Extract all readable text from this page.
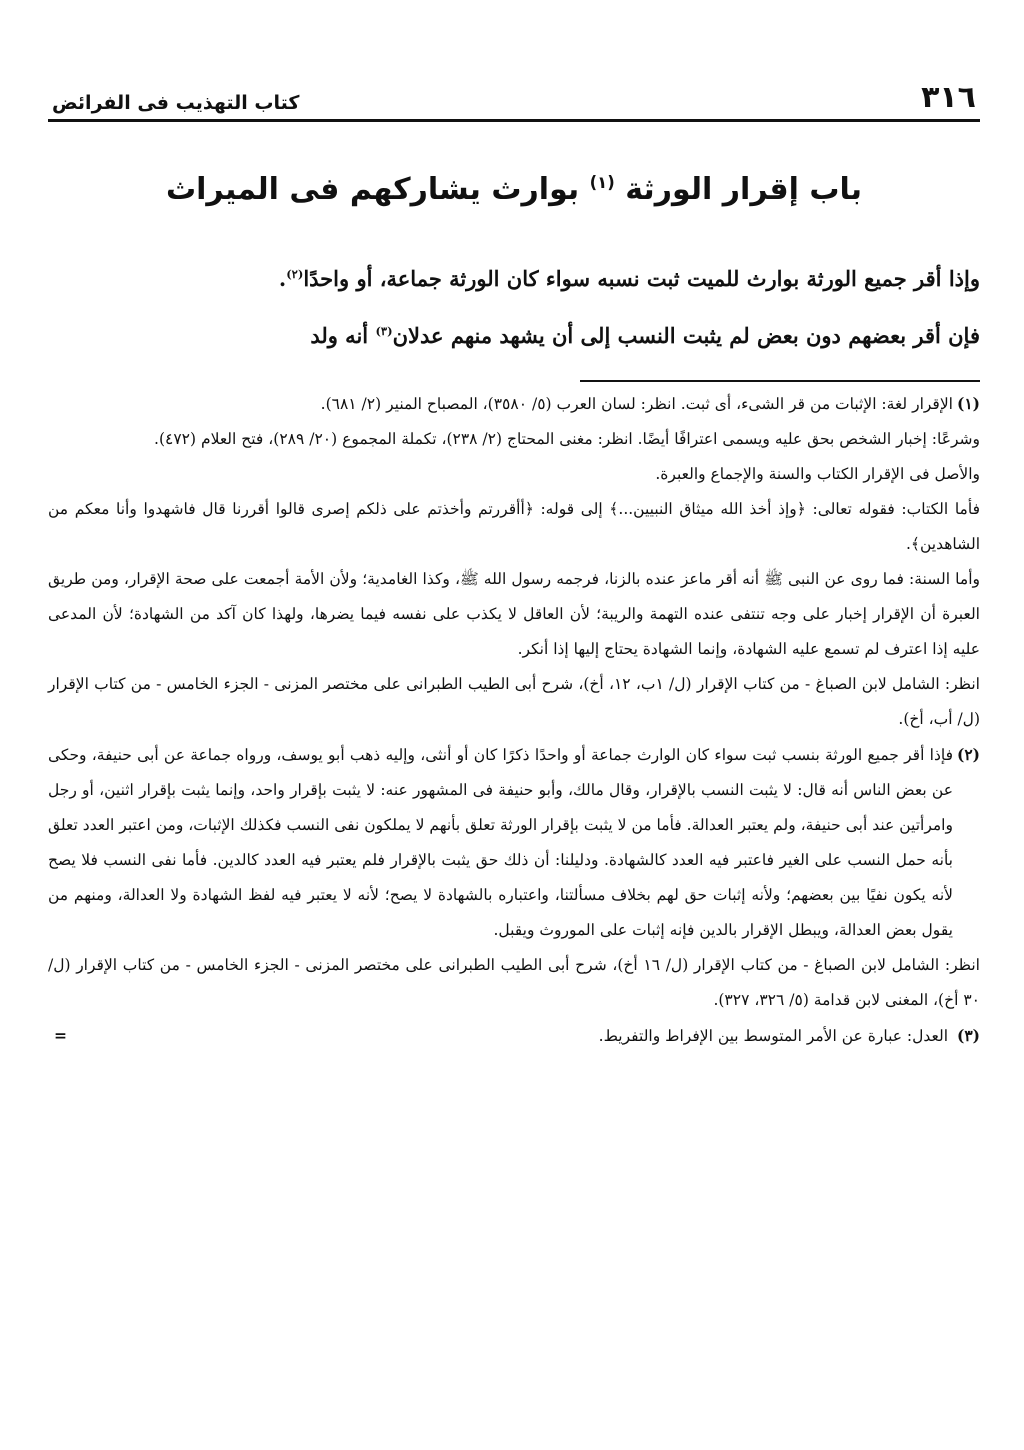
٣١٦
كتاب التهذيب فى الفرائض
باب إقرار الورثة $^{(١)}$ بوارث يشاركهم فى الميراث

وإذا أقر جميع الورثة بوارث للميت ثبت نسبه سواء كان الورثة جماعة، أو واحدًا$^{(٢)}$.

فإن أقر بعضهم دون بعض لم يثبت النسب إلى أن يشهد منهم عدلان$^{(٣)}$ أنه ولد

(١)
الإقرار لغة: الإثبات من قر الشىء، أى ثبت. انظر: لسان العرب (٥/ ٣٥٨٠)، المصباح المنير (٢/ ٦٨١).

وشرعًا: إخبار الشخص بحق عليه ويسمى اعترافًا أيضًا. انظر: مغنى المحتاج (٢/ ٢٣٨)، تكملة المجموع (٢٠/ ٢٨٩)، فتح العلام (٤٧٢).

والأصل فى الإقرار الكتاب والسنة والإجماع والعبرة.

فأما الكتاب: فقوله تعالى: ﴿وإذ أخذ الله ميثاق النبيين...﴾ إلى قوله: ﴿أأقررتم وأخذتم على ذلكم إصرى قالوا أقررنا قال فاشهدوا وأنا معكم من الشاهدين﴾.

وأما السنة: فما روى عن النبى ﷺ أنه أقر ماعز عنده بالزنا، فرجمه رسول الله ﷺ، وكذا الغامدية؛ ولأن الأمة أجمعت على صحة الإقرار، ومن طريق العبرة أن الإقرار إخبار على وجه تنتفى عنده التهمة والريبة؛ لأن العاقل لا يكذب على نفسه فيما يضرها، ولهذا كان آكد من الشهادة؛ لأن المدعى عليه إذا اعترف لم تسمع عليه الشهادة، وإنما الشهادة يحتاج إليها إذا أنكر.

انظر: الشامل لابن الصباغ - من كتاب الإقرار (ل/ ١ب، ١٢، أخ)، شرح أبى الطيب الطبرانى على مختصر المزنى - الجزء الخامس - من كتاب الإقرار (ل/ أب، أخ).

(٢)
فإذا أقر جميع الورثة بنسب ثبت سواء كان الوارث جماعة أو واحدًا ذكرًا كان أو أنثى، وإليه ذهب أبو يوسف، ورواه جماعة عن أبى حنيفة، وحكى عن بعض الناس أنه قال: لا يثبت النسب بالإقرار، وقال مالك، وأبو حنيفة فى المشهور عنه: لا يثبت بإقرار واحد، وإنما يثبت بإقرار اثنين، أو رجل وامرأتين عند أبى حنيفة، ولم يعتبر العدالة. فأما من لا يثبت بإقرار الورثة تعلق بأنهم لا يملكون نفى النسب فكذلك الإثبات، ومن اعتبر العدد تعلق بأنه حمل النسب على الغير فاعتبر فيه العدد كالشهادة. ودليلنا: أن ذلك حق يثبت بالإقرار فلم يعتبر فيه العدد كالدين. فأما نفى النسب فلا يصح لأنه يكون نفيًا بين بعضهم؛ ولأنه إثبات حق لهم بخلاف مسألتنا، واعتباره بالشهادة لا يصح؛ لأنه لا يعتبر فيه لفظ الشهادة ولا العدالة، ومنهم من يقول بعض العدالة، ويبطل الإقرار بالدين فإنه إثبات على الموروث ويقبل.

انظر: الشامل لابن الصباغ - من كتاب الإقرار (ل/ ١٦ أخ)، شرح أبى الطيب الطبرانى على مختصر المزنى - الجزء الخامس - من كتاب الإقرار (ل/ ٣٠ أخ)، المغنى لابن قدامة (٥/ ٣٢٦، ٣٢٧).

(٣) العدل: عبارة عن الأمر المتوسط بين الإفراط والتفريط.
=
